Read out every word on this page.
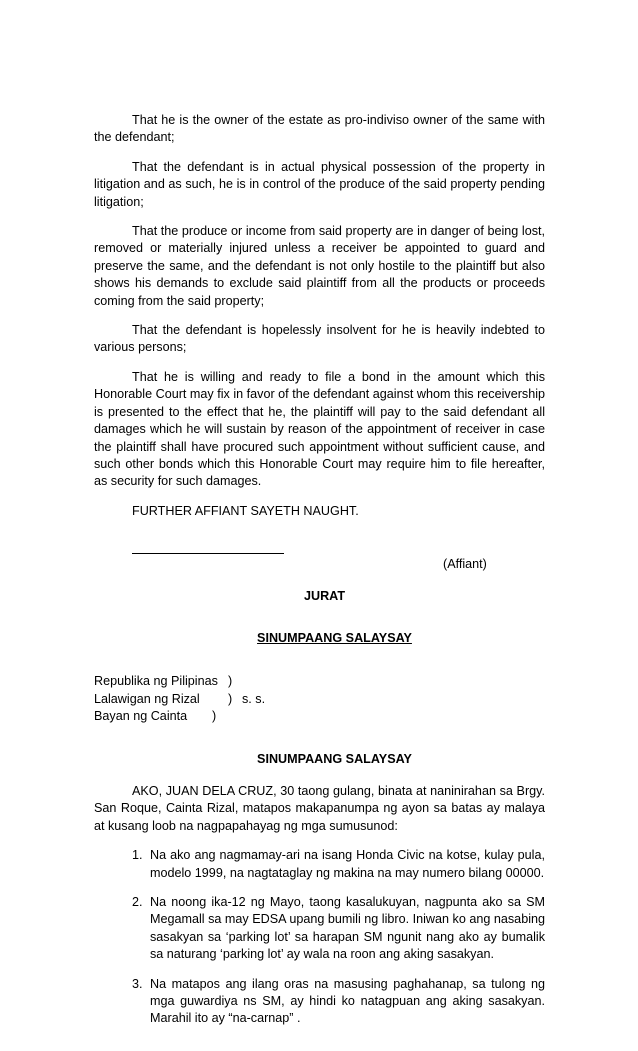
That he is the owner of the estate as pro-indiviso owner of the same with the defendant;

That the defendant is in actual physical possession of the property in litigation and as such, he is in control of the produce of the said property pending litigation;

That the produce or income from said property are in danger of being lost, removed or materially injured unless a receiver be appointed to guard and preserve the same, and the defendant is not only hostile to the plaintiff but also shows his demands to exclude said plaintiff from all the products or proceeds coming from the said property;

That the defendant is hopelessly insolvent for he is heavily indebted to various persons;

That he is willing and ready to file a bond in the amount which this Honorable Court may fix in favor of the defendant against whom this receivership is presented to the effect that he, the plaintiff will pay to the said defendant all damages which he will sustain by reason of the appointment of receiver in case the plaintiff shall have procured such appointment without sufficient cause, and such other bonds which this Honorable Court may require him to file hereafter, as security for such damages.

FURTHER AFFIANT SAYETH NAUGHT.

(Affiant)

JURAT

SINUMPAANG SALAYSAY

Republika ng Pilipinas )
Lalawigan ng Rizal	) s. s.
Bayan ng Cainta	)

SINUMPAANG SALAYSAY

AKO, JUAN DELA CRUZ, 30 taong gulang, binata at naninirahan sa Brgy. San Roque, Cainta Rizal, matapos makapanumpa ng ayon sa batas ay malaya at kusang loob na nagpapahayag ng mga sumusunod:

1. Na ako ang nagmamay-ari na isang Honda Civic na kotse, kulay pula, modelo 1999, na nagtataglay ng makina na may numero bilang 00000.
2. Na noong ika-12 ng Mayo, taong kasalukuyan, nagpunta ako sa SM Megamall sa may EDSA upang bumili ng libro. Iniwan ko ang nasabing sasakyan sa ‘parking lot’ sa harapan SM ngunit nang ako ay bumalik sa naturang ‘parking lot’ ay wala na roon ang aking sasakyan.
3. Na matapos ang ilang oras na masusing paghahanap, sa tulong ng mga guwardiya ns SM, ay hindi ko natagpuan ang aking sasakyan. Marahil ito ay “na-carnap” .
